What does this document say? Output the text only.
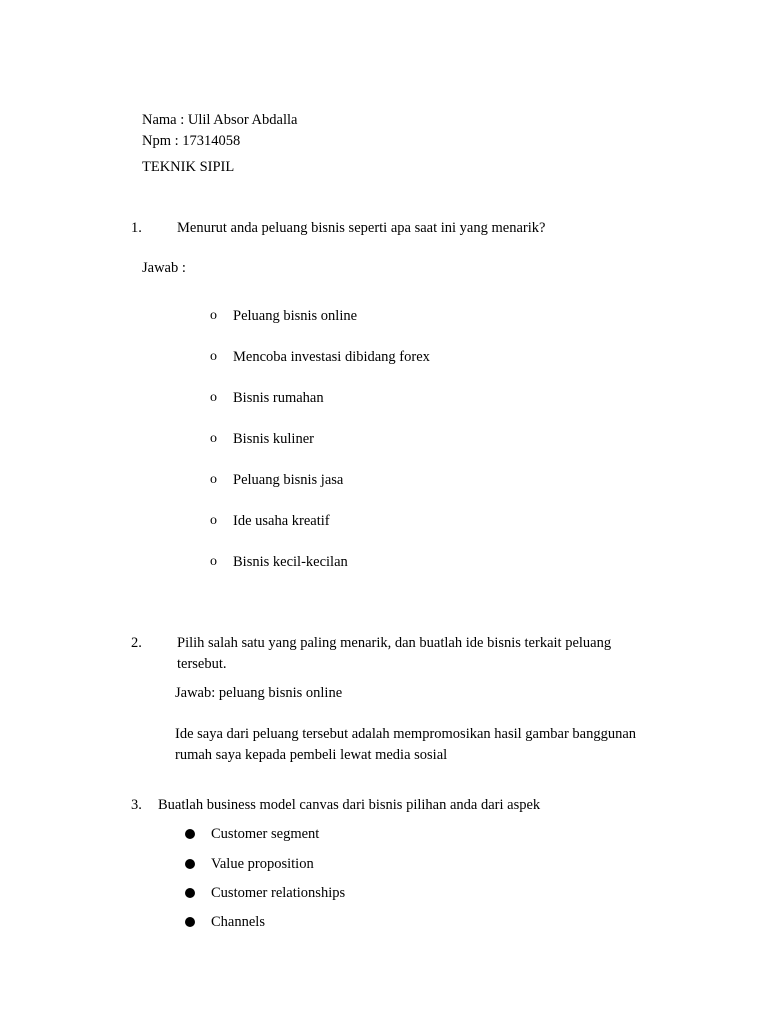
Nama : Ulil Absor Abdalla
Npm : 17314058
TEKNIK SIPIL
1. Menurut anda peluang bisnis seperti apa saat ini yang menarik?
Jawab :
o Peluang bisnis online
o Mencoba investasi dibidang forex
o Bisnis rumahan
o Bisnis kuliner
o Peluang bisnis jasa
o Ide usaha kreatif
o Bisnis kecil-kecilan
2. Pilih salah satu yang paling menarik, dan buatlah ide bisnis terkait peluang
tersebut.
Jawab: peluang bisnis online
Ide saya dari peluang tersebut adalah mempromosikan hasil gambar banggunan
rumah saya kepada pembeli lewat media sosial
3. Buatlah business model canvas dari bisnis pilihan anda dari aspek
Customer segment
Value proposition
Customer relationships
Channels
